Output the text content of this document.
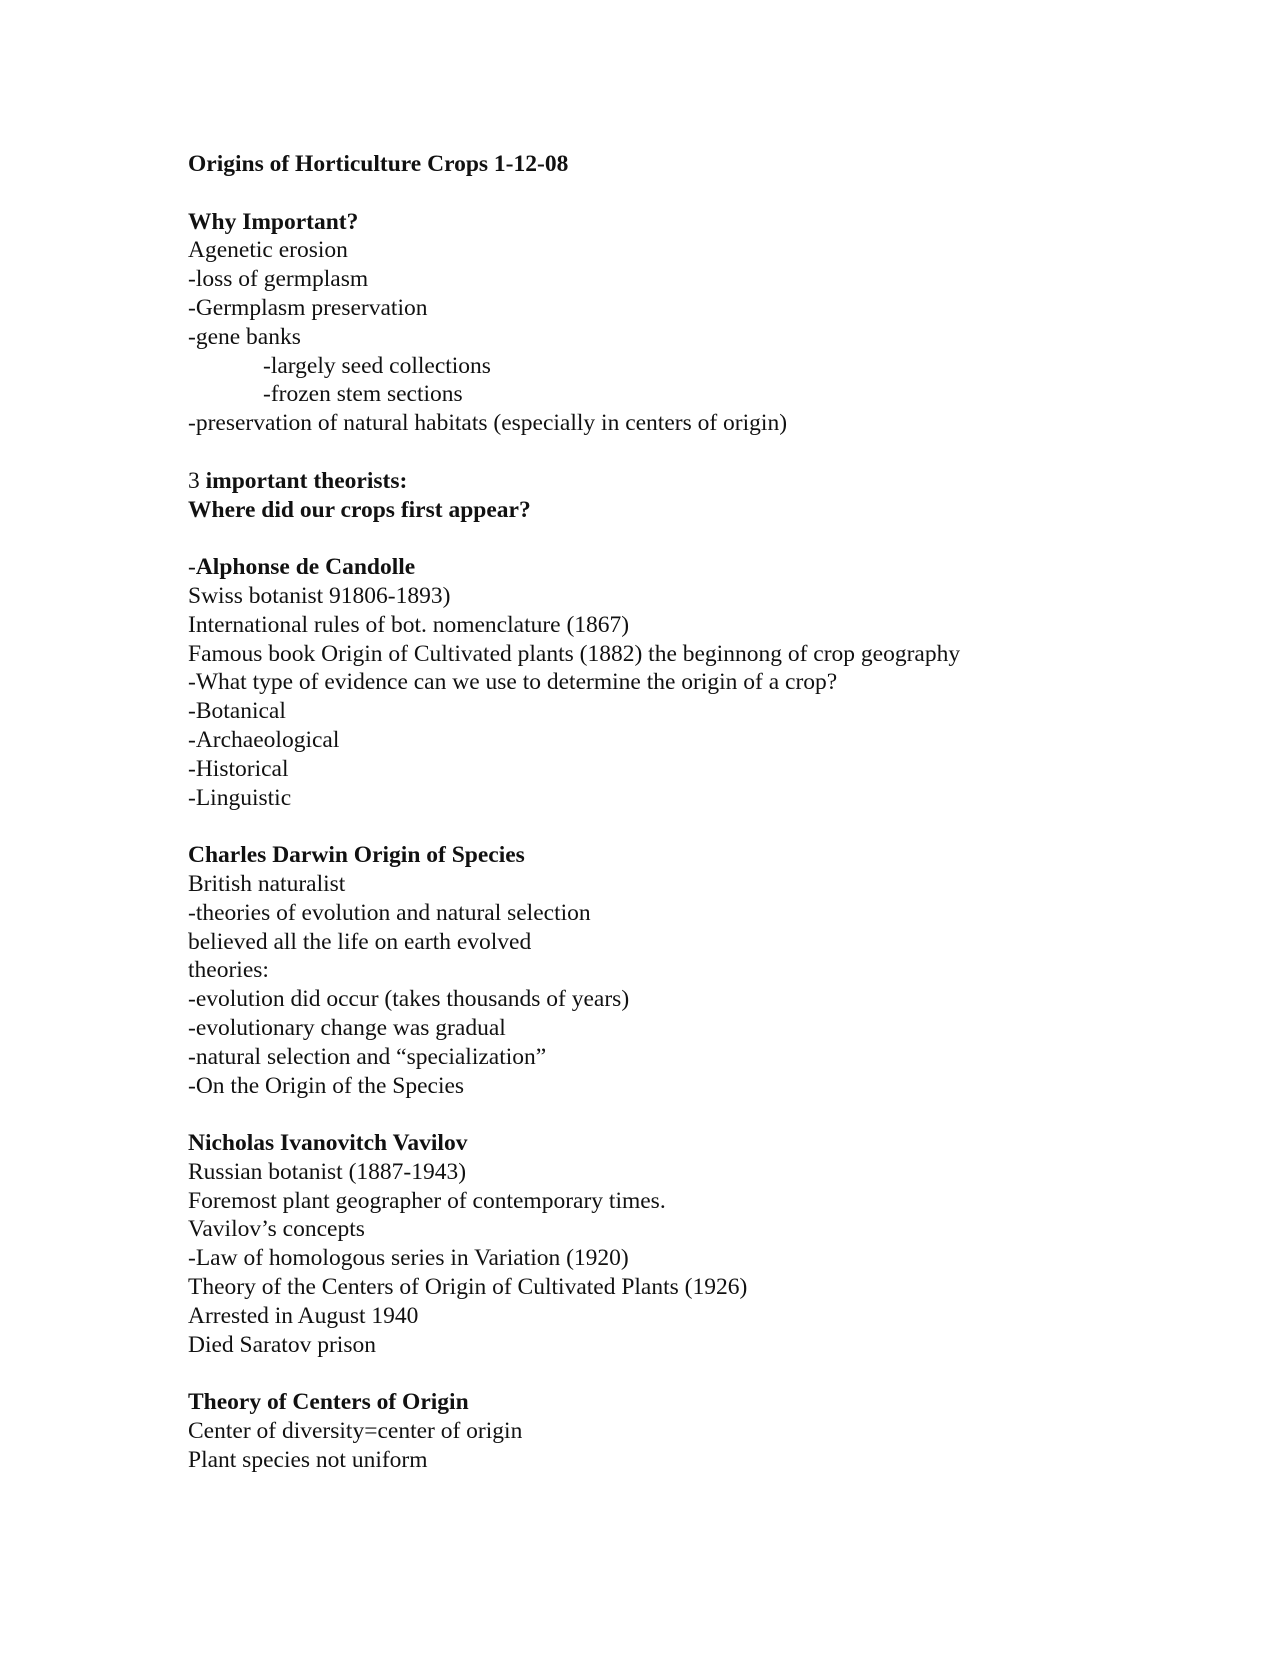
Origins of Horticulture Crops 1-12-08
Why Important?
Agenetic erosion
-loss of germplasm
-Germplasm preservation
-gene banks
-largely seed collections
-frozen stem sections
-preservation of natural habitats (especially in centers of origin)
3 important theorists:
Where did our crops first appear?
-Alphonse de Candolle
Swiss botanist 91806-1893)
International rules of bot. nomenclature (1867)
Famous book Origin of Cultivated plants (1882) the beginnong of crop geography
-What type of evidence can we use to determine the origin of a crop?
-Botanical
-Archaeological
-Historical
-Linguistic
Charles Darwin Origin of Species
British naturalist
-theories of evolution and natural selection
believed all the life on earth evolved
theories:
-evolution did occur (takes thousands of years)
-evolutionary change was gradual
-natural selection and “specialization”
-On the Origin of the Species
Nicholas Ivanovitch Vavilov
Russian botanist (1887-1943)
Foremost plant geographer of contemporary times.
Vavilov’s concepts
-Law of homologous series in Variation (1920)
Theory of the Centers of Origin of Cultivated Plants (1926)
Arrested in August 1940
Died Saratov prison
Theory of Centers of Origin
Center of diversity=center of origin
Plant species not uniform
